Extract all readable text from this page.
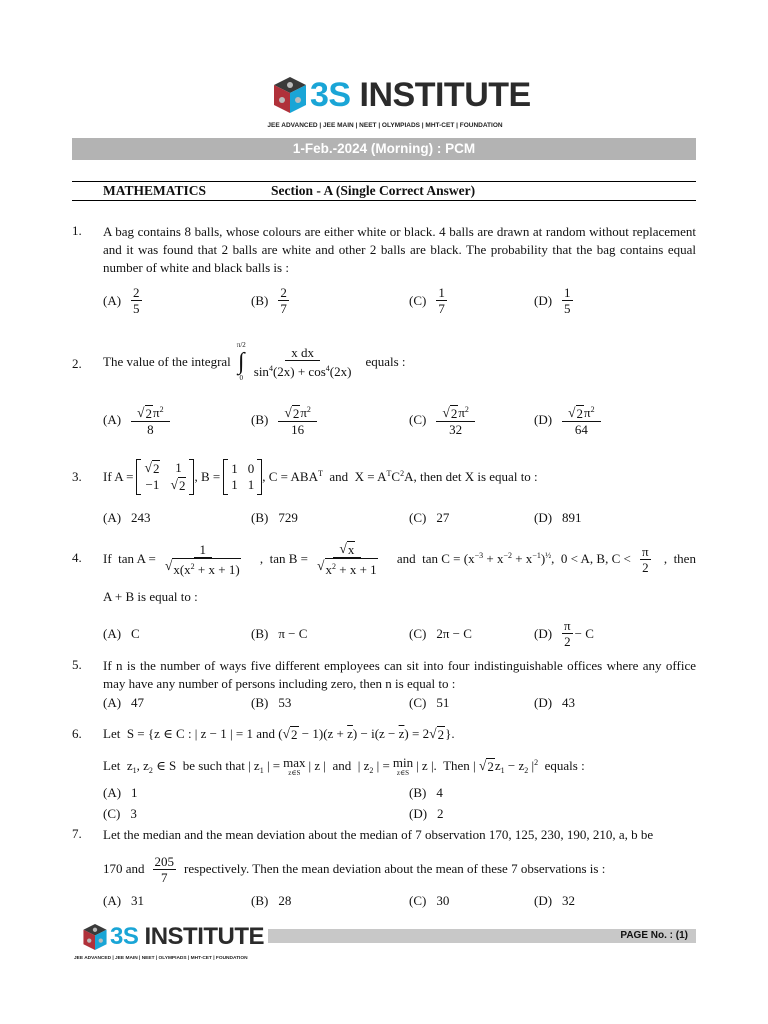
3S INSTITUTE
JEE ADVANCED | JEE MAIN | NEET | OLYMPIADS | MHT-CET | FOUNDATION
1-Feb.-2024 (Morning) : PCM
MATHEMATICS	Section - A (Single Correct Answer)
1. A bag contains 8 balls, whose colours are either white or black. 4 balls are drawn at random without replacement and it was found that 2 balls are white and other 2 balls are black. The probability that the bag contains equal number of white and black balls is :
$(A) \frac{2}{5}$	$(B) \frac{2}{7}$	$(C) \frac{1}{7}$	$(D) \frac{1}{5}$
2. The value of the integral
π/2
∫
$0 \frac{\text{x dx}}{\sin^4(2x) + \cos^4(2x)}$ equals :
$(A) \frac{√ 2 \pi^2}{8}$	$(B) \frac{√ 2 \pi^2}{16}$	$(C) \frac{√ 2 \pi^2}{32}$	$(D) \frac{√ 2 \pi^2}{64}$
3. If A =
√ 2	1
−1 √ 2
, B =
1 0
1 1
, $C = ABA^T$  and  $X = A^TC^2A$ , then det X is equal to :
(A) 243	(B) 729	(C) 27	(D) 891
4. If  $\tan A = \frac{1}{√ x(x^2 + x + 1)}$ ,  $\tan B = \frac{√ x}{√ x^2 + x + 1}$ and  $\tan C = (x^{-3} + x^{-2} + x^{-1})^{\frac{1}{2}}$,  0 < A, B, $C < \frac{\pi}{2}$ ,  then
A + B is equal to :
(A) C	(B) π − C	(C) 2π − C	$(D) \frac{\pi}{2} - C$
5. If n is the number of ways five different employees can sit into four indistinguishable offices where any office may have any number of persons including zero, then n is equal to :
(A) 47	(B) 53	(C) 51	(D) 43
6. Let  S = {z ∈ C : | z − 1 | = 1 and ( √ $2 - 1)(z + \overline{z}) - i(z - \overline{z}) = 2$ √ 2 }.
Let  $z_1$, $z_2$ ∈ S  be such that | $z_1$ | = max
z∈S | z |  and  | $z_2$ | = min
z∈S | z |.  Then | √ 2 $z_1 - z_2$ $|^2$  equals :
(A) 1	(B) 4
(C) 3	(D) 2
7. Let the median and the mean deviation about the median of 7 observation 170, 125, 230, 190, 210, a, b be
170 and $\frac{205}{7}$ respectively. Then the mean deviation about the mean of these 7 observations is :
(A) 31	(B) 28	(C) 30	(D) 32
3S INSTITUTE	PAGE No. : (1)
JEE ADVANCED | JEE MAIN | NEET | OLYMPIADS | MHT-CET | FOUNDATION
